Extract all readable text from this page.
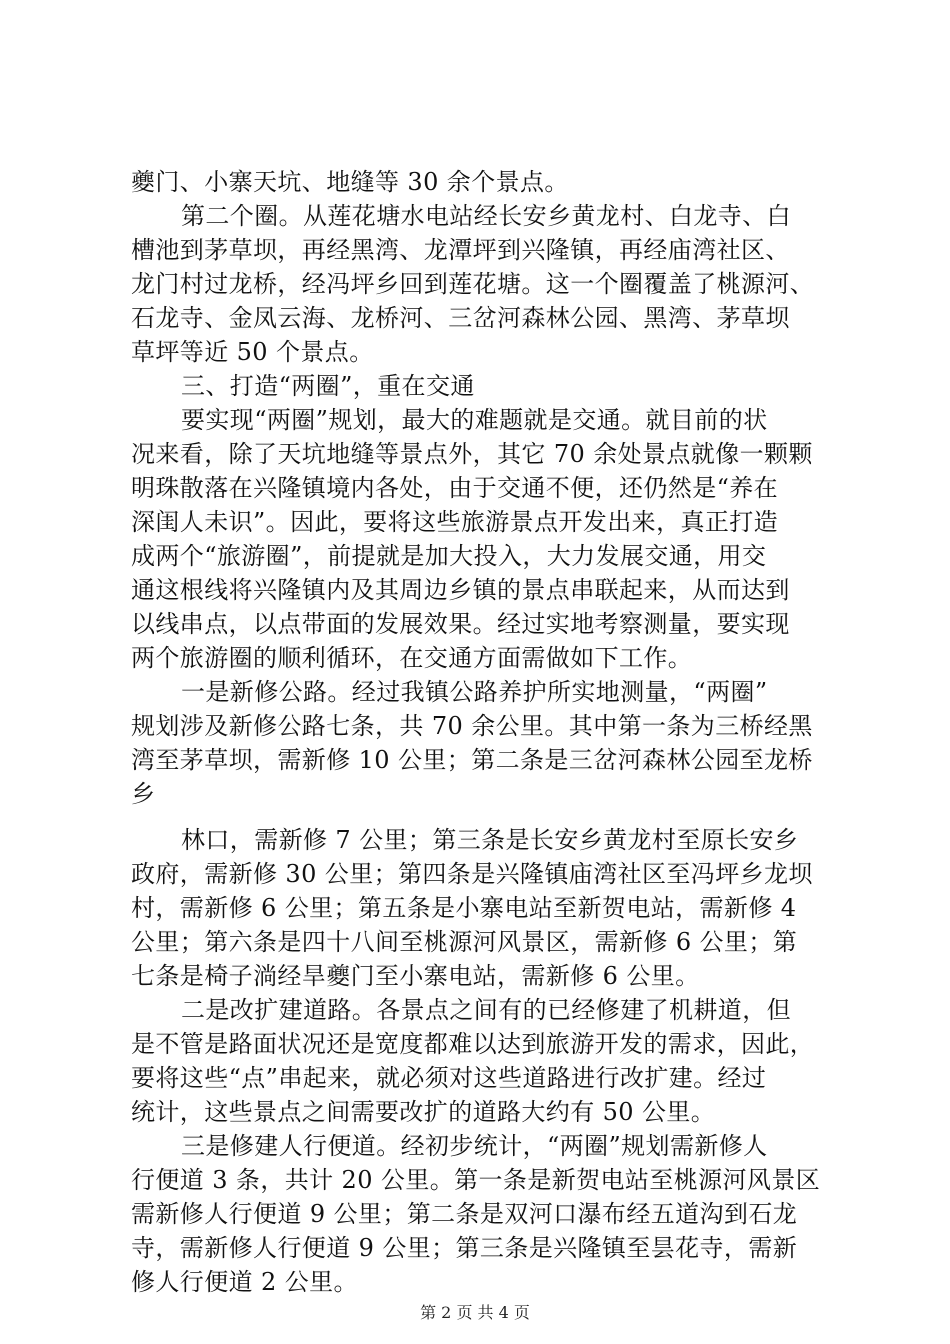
夔门、小寨天坑、地缝等 30 余个景点。
第二个圈。从莲花塘水电站经长安乡黄龙村、白龙寺、白
槽池到茅草坝，再经黑湾、龙潭坪到兴隆镇，再经庙湾社区、
龙门村过龙桥，经冯坪乡回到莲花塘。这一个圈覆盖了桃源河、
石龙寺、金凤云海、龙桥河、三岔河森林公园、黑湾、茅草坝
草坪等近 50 个景点。
三、打造“两圈”，重在交通
要实现“两圈”规划，最大的难题就是交通。就目前的状
况来看，除了天坑地缝等景点外，其它 70 余处景点就像一颗颗
明珠散落在兴隆镇境内各处，由于交通不便，还仍然是“养在
深闺人未识”。因此，要将这些旅游景点开发出来，真正打造
成两个“旅游圈”，前提就是加大投入，大力发展交通，用交
通这根线将兴隆镇内及其周边乡镇的景点串联起来，从而达到
以线串点，以点带面的发展效果。经过实地考察测量，要实现
两个旅游圈的顺利循环，在交通方面需做如下工作。
一是新修公路。经过我镇公路养护所实地测量，“两圈”
规划涉及新修公路七条，共 70 余公里。其中第一条为三桥经黑
湾至茅草坝，需新修 10 公里；第二条是三岔河森林公园至龙桥
乡
林口，需新修 7 公里；第三条是长安乡黄龙村至原长安乡
政府，需新修 30 公里；第四条是兴隆镇庙湾社区至冯坪乡龙坝
村，需新修 6 公里；第五条是小寨电站至新贺电站，需新修 4
公里；第六条是四十八间至桃源河风景区，需新修 6 公里；第
七条是椅子淌经旱夔门至小寨电站，需新修 6 公里。
二是改扩建道路。各景点之间有的已经修建了机耕道，但
是不管是路面状况还是宽度都难以达到旅游开发的需求，因此，
要将这些“点”串起来，就必须对这些道路进行改扩建。经过
统计，这些景点之间需要改扩的道路大约有 50 公里。
三是修建人行便道。经初步统计，“两圈”规划需新修人
行便道 3 条，共计 20 公里。第一条是新贺电站至桃源河风景区
需新修人行便道 9 公里；第二条是双河口瀑布经五道沟到石龙
寺，需新修人行便道 9 公里；第三条是兴隆镇至昙花寺，需新
修人行便道 2 公里。
第 2 页 共 4 页
